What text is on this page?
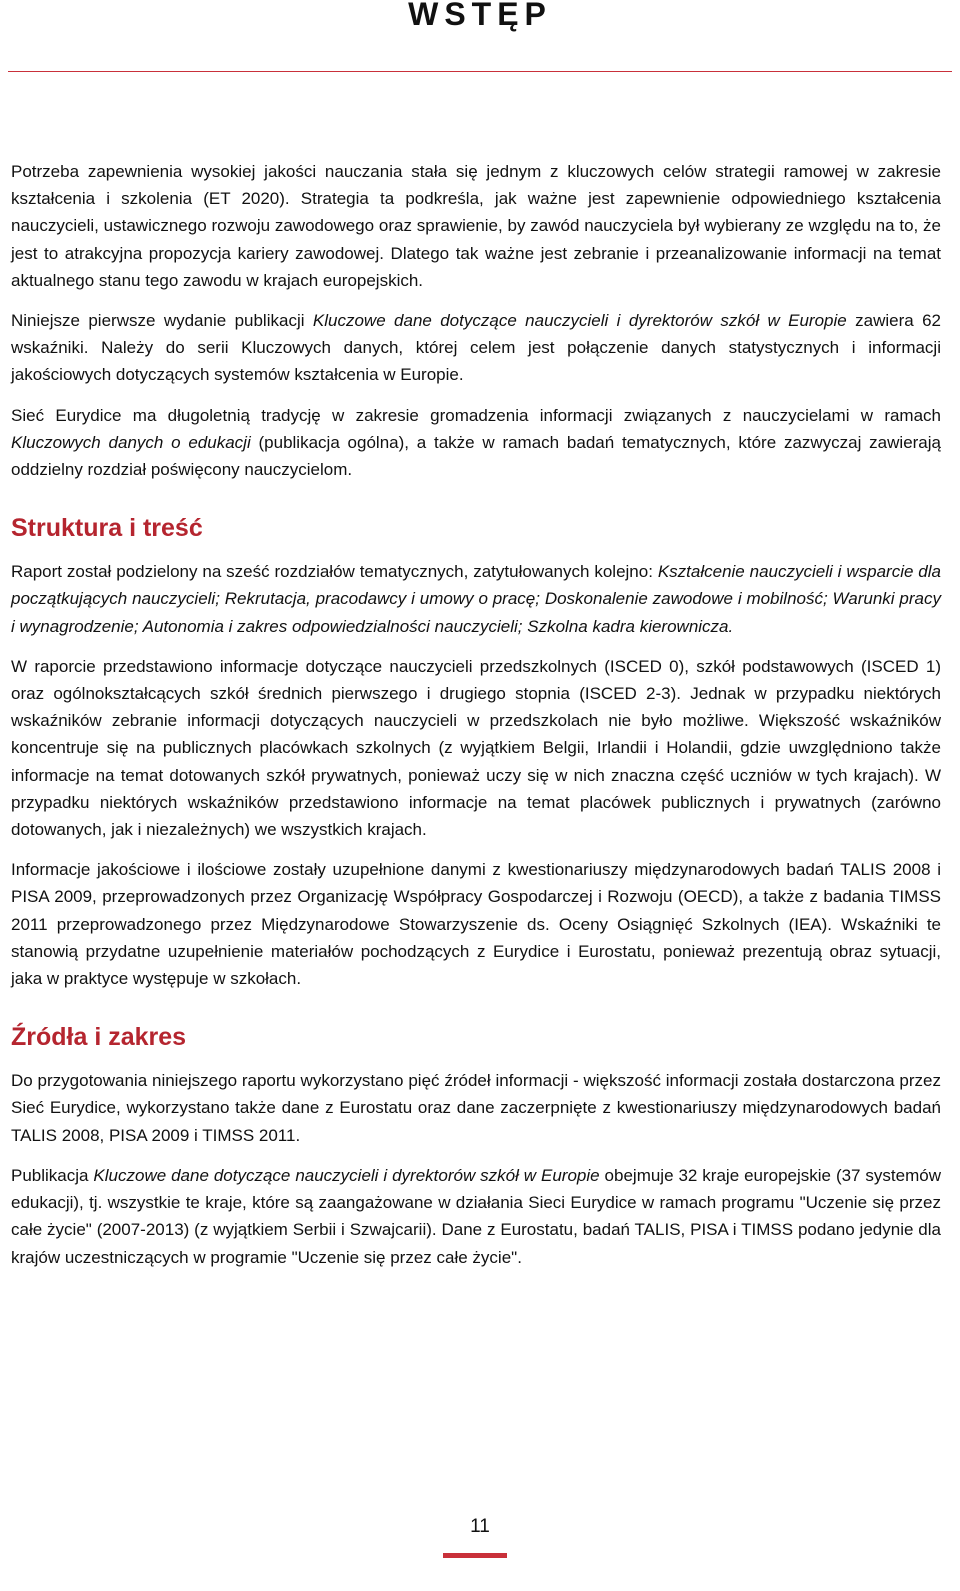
WSTĘP

Potrzeba zapewnienia wysokiej jakości nauczania stała się jednym z kluczowych celów strategii ramowej w zakresie kształcenia i szkolenia (ET 2020). Strategia ta podkreśla, jak ważne jest zapewnienie odpowiedniego kształcenia nauczycieli, ustawicznego rozwoju zawodowego oraz sprawienie, by zawód nauczyciela był wybierany ze względu na to, że jest to atrakcyjna propozycja kariery zawodowej. Dlatego tak ważne jest zebranie i przeanalizowanie informacji na temat aktualnego stanu tego zawodu w krajach europejskich.

Niniejsze pierwsze wydanie publikacji Kluczowe dane dotyczące nauczycieli i dyrektorów szkół w Europie zawiera 62 wskaźniki. Należy do serii Kluczowych danych, której celem jest połączenie danych statystycznych i informacji jakościowych dotyczących systemów kształcenia w Europie.

Sieć Eurydice ma długoletnią tradycję w zakresie gromadzenia informacji związanych z nauczycielami w ramach Kluczowych danych o edukacji (publikacja ogólna), a także w ramach badań tematycznych, które zazwyczaj zawierają oddzielny rozdział poświęcony nauczycielom.

Struktura i treść

Raport został podzielony na sześć rozdziałów tematycznych, zatytułowanych kolejno: Kształcenie nauczycieli i wsparcie dla początkujących nauczycieli; Rekrutacja, pracodawcy i umowy o pracę; Doskonalenie zawodowe i mobilność; Warunki pracy i wynagrodzenie; Autonomia i zakres odpowiedzialności nauczycieli; Szkolna kadra kierownicza.

W raporcie przedstawiono informacje dotyczące nauczycieli przedszkolnych (ISCED 0), szkół podstawowych (ISCED 1) oraz ogólnokształcących szkół średnich pierwszego i drugiego stopnia (ISCED 2-3). Jednak w przypadku niektórych wskaźników zebranie informacji dotyczących nauczycieli w przedszkolach nie było możliwe. Większość wskaźników koncentruje się na publicznych placówkach szkolnych (z wyjątkiem Belgii, Irlandii i Holandii, gdzie uwzględniono także informacje na temat dotowanych szkół prywatnych, ponieważ uczy się w nich znaczna część uczniów w tych krajach). W przypadku niektórych wskaźników przedstawiono informacje na temat placówek publicznych i prywatnych (zarówno dotowanych, jak i niezależnych) we wszystkich krajach.

Informacje jakościowe i ilościowe zostały uzupełnione danymi z kwestionariuszy międzynarodowych badań TALIS 2008 i PISA 2009, przeprowadzonych przez Organizację Współpracy Gospodarczej i Rozwoju (OECD), a także z badania TIMSS 2011 przeprowadzonego przez Międzynarodowe Stowarzyszenie ds. Oceny Osiągnięć Szkolnych (IEA). Wskaźniki te stanowią przydatne uzupełnienie materiałów pochodzących z Eurydice i Eurostatu, ponieważ prezentują obraz sytuacji, jaka w praktyce występuje w szkołach.

Źródła i zakres

Do przygotowania niniejszego raportu wykorzystano pięć źródeł informacji - większość informacji została dostarczona przez Sieć Eurydice, wykorzystano także dane z Eurostatu oraz dane zaczerpnięte z kwestionariuszy międzynarodowych badań TALIS 2008, PISA 2009 i TIMSS 2011.

Publikacja Kluczowe dane dotyczące nauczycieli i dyrektorów szkół w Europie obejmuje 32 kraje europejskie (37 systemów edukacji), tj. wszystkie te kraje, które są zaangażowane w działania Sieci Eurydice w ramach programu "Uczenie się przez całe życie" (2007-2013) (z wyjątkiem Serbii i Szwajcarii). Dane z Eurostatu, badań TALIS, PISA i TIMSS podano jedynie dla krajów uczestniczących w programie "Uczenie się przez całe życie".

11
